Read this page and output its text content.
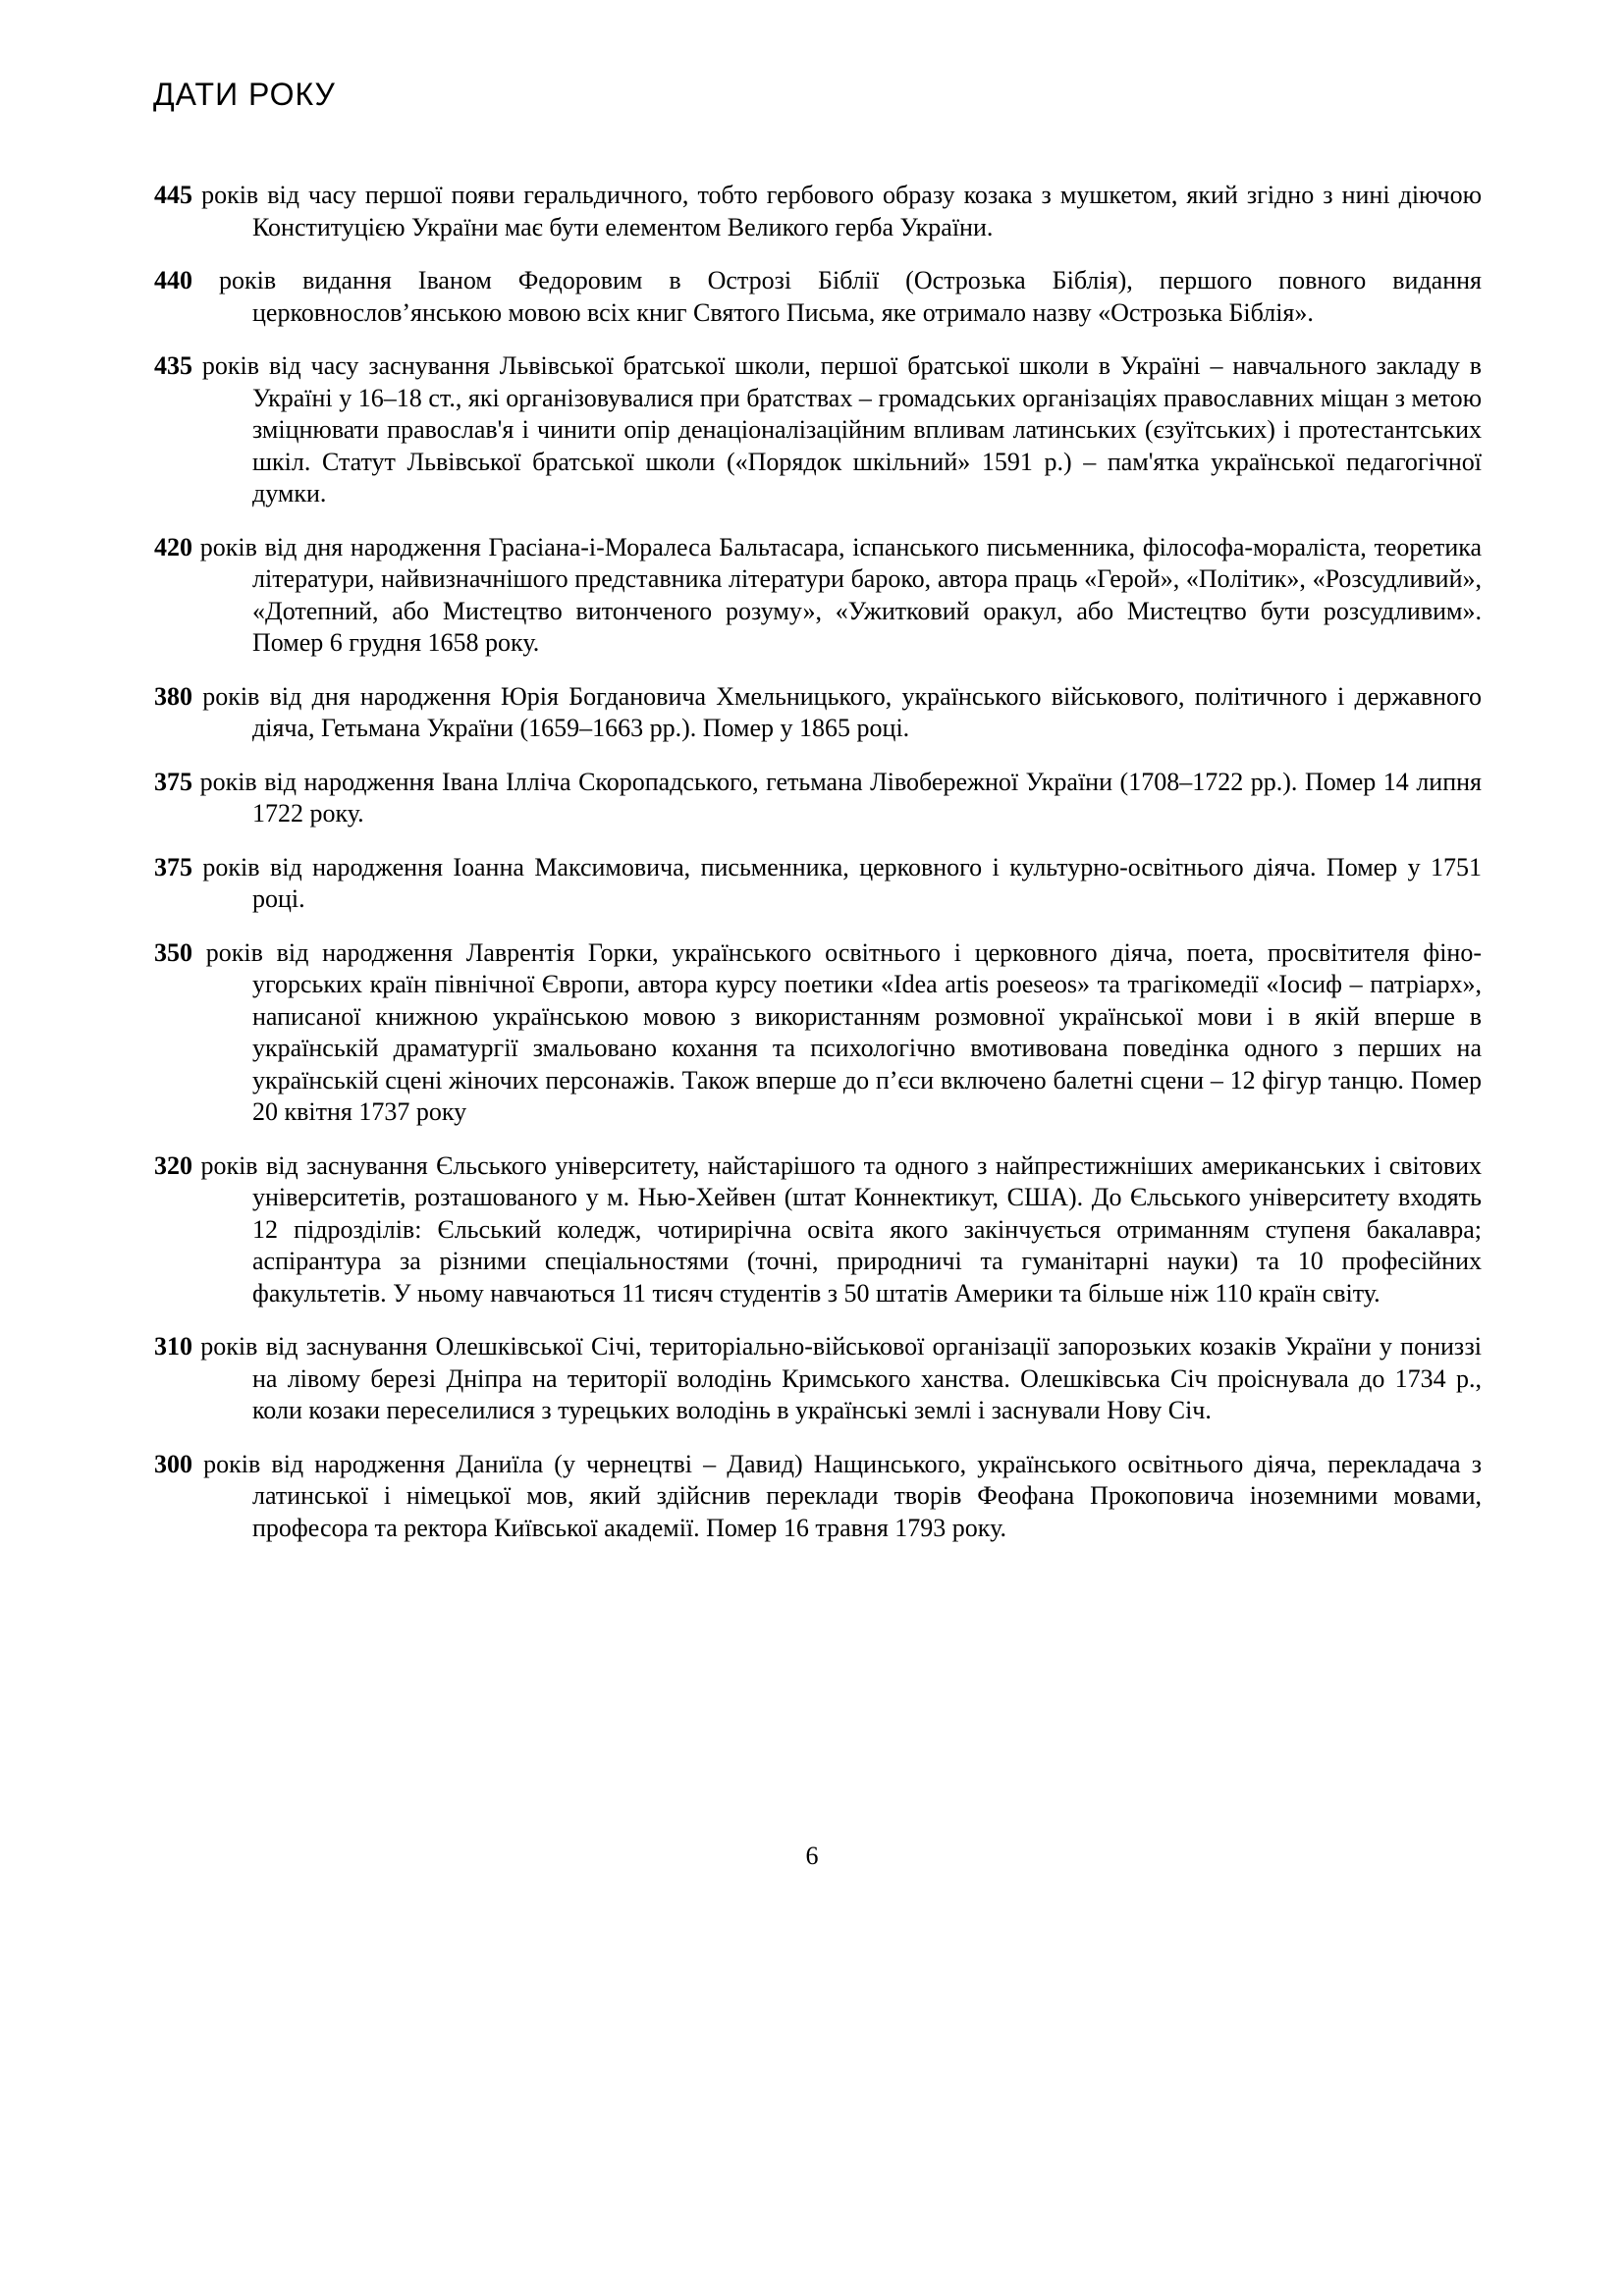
ДАТИ РОКУ

445 років від часу першої появи геральдичного, тобто гербового образу козака з мушкетом, який згідно з нині діючою Конституцією України має бути елементом Великого герба України.

440 років видання Іваном Федоровим в Острозі Біблії (Острозька Біблія), першого повного видання церковнослов’янською мовою всіх книг Святого Письма, яке отримало назву «Острозька Біблія».

435 років від часу заснування Львівської братської школи, першої братської школи в Україні – навчального закладу в Україні у 16–18 ст., які організовувалися при братствах – громадських організаціях православних міщан з метою зміцнювати православ'я і чинити опір денаціоналізаційним впливам латинських (єзуїтських) і протестантських шкіл. Статут Львівської братської школи («Порядок шкільний» 1591 р.) – пам'ятка української педагогічної думки.

420 років від дня народження Грасіана-і-Моралеса Бальтасара, іспанського письменника, філософа-мораліста, теоретика літератури, найвизначнішого представника літератури бароко, автора праць «Герой», «Політик», «Розсудливий», «Дотепний, або Мистецтво витонченого розуму», «Ужитковий оракул, або Мистецтво бути розсудливим». Помер 6 грудня 1658 року.

380 років від дня народження Юрія Богдановича Хмельницького, українського військового, політичного і державного діяча, Гетьмана України (1659–1663 рр.). Помер у 1865 році.

375 років від народження Івана Ілліча Скоропадського, гетьмана Лівобережної України (1708–1722 рр.). Помер 14 липня 1722 року.

375 років від народження Іоанна Максимовича, письменника, церковного і культурно-освітнього діяча. Помер у 1751 році.

350 років від народження Лаврентія Горки, українського освітнього і церковного діяча, поета, просвітителя фіно-угорських країн північної Європи, автора курсу поетики «Idea artis poeseos» та трагікомедії «Іосиф – патріарх», написаної книжною українською мовою з використанням розмовної української мови і в якій вперше в українській драматургії змальовано кохання та психологічно вмотивована поведінка одного з перших на українській сцені жіночих персонажів. Також вперше до п’єси включено балетні сцени – 12 фігур танцю. Помер 20 квітня 1737 року

320 років від заснування Єльського університету, найстарішого та одного з найпрестижніших американських і світових університетів, розташованого у м. Нью-Хейвен (штат Коннектикут, США). До Єльського університету входять 12 підрозділів: Єльський коледж, чотирирічна освіта якого закінчується отриманням ступеня бакалавра; аспірантура за різними спеціальностями (точні, природничі та гуманітарні науки) та 10 професійних факультетів. У ньому навчаються 11 тисяч студентів з 50 штатів Америки та більше ніж 110 країн світу.

310 років від заснування Олешківської Січі, територіально-військової організації запорозьких козаків України у пониззі на лівому березі Дніпра на території володінь Кримського ханства. Олешківська Січ проіснувала до 1734 р., коли козаки переселилися з турецьких володінь в українські землі і заснували Нову Січ.

300 років від народження Даниїла (у чернецтві – Давид) Нащинського, українського освітнього діяча, перекладача з латинської і німецької мов, який здійснив переклади творів Феофана Прокоповича іноземними мовами, професора та ректора Київської академії. Помер 16 травня 1793 року.

6
